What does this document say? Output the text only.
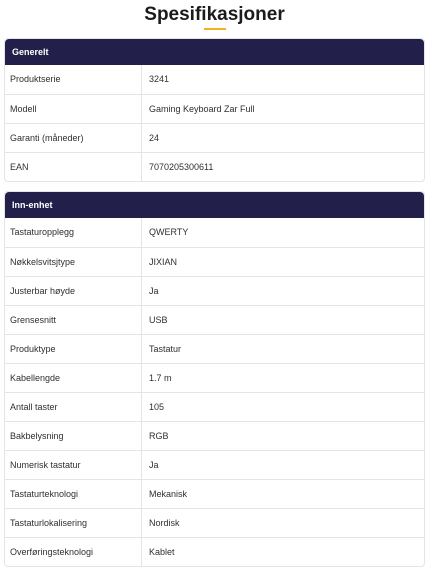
Spesifikasjoner
Generelt
Produktserie	3241
Modell	Gaming Keyboard Zar Full
Garanti (måneder)	24
EAN	7070205300611
Inn-enhet
Tastaturopplegg	QWERTY
Nøkkelsvitsjtype	JIXIAN
Justerbar høyde	Ja
Grensesnitt	USB
Produktype	Tastatur
Kabellengde	1.7 m
Antall taster	105
Bakbelysning	RGB
Numerisk tastatur	Ja
Tastaturteknologi	Mekanisk
Tastaturlokalisering	Nordisk
Overføringsteknologi	Kablet
